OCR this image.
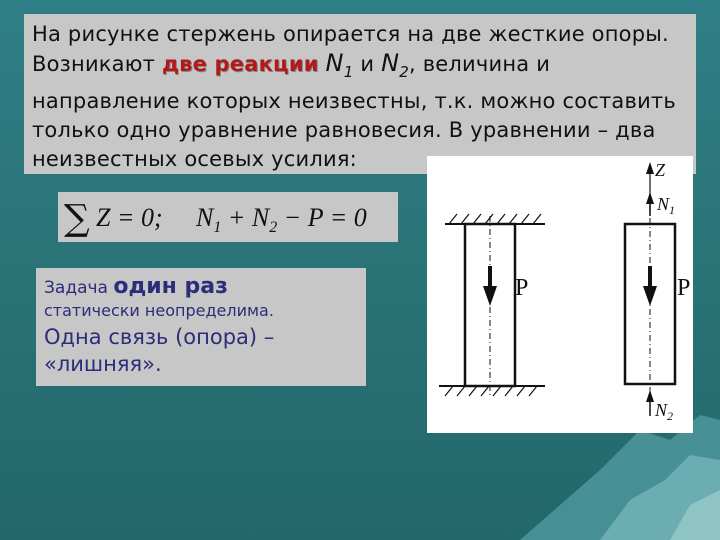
На рисунке стержень опирается на две жесткие опоры. Возникают две реакции $N_1$ и $N_2$, величина и направление которых неизвестны, т.к. можно составить только одно уравнение равновесия. В уравнении – два неизвестных осевых усилия:
∑ Z = 0; $N_1 + N_2 - P = 0$
Задача один раз
статически неопределима.
Одна связь (опора) – «лишняя».
P
Z
$N_1$
P
$N_2$
